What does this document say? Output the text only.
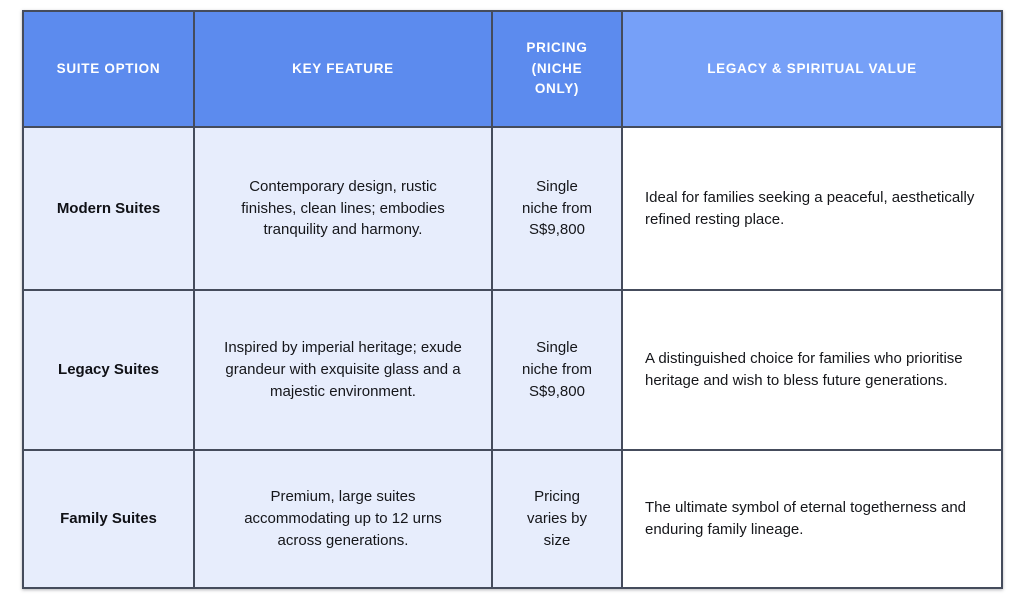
SUITE OPTION	KEY FEATURE	PRICING (NICHE ONLY)	LEGACY & SPIRITUAL VALUE

Modern Suites	Contemporary design, rustic finishes, clean lines; embodies tranquility and harmony.	Single niche from S$9,800	Ideal for families seeking a peaceful, aesthetically refined resting place.

Legacy Suites	Inspired by imperial heritage; exude grandeur with exquisite glass and a majestic environment.	Single niche from S$9,800	A distinguished choice for families who prioritise heritage and wish to bless future generations.

Family Suites	Premium, large suites accommodating up to 12 urns across generations.	Pricing varies by size	The ultimate symbol of eternal togetherness and enduring family lineage.
